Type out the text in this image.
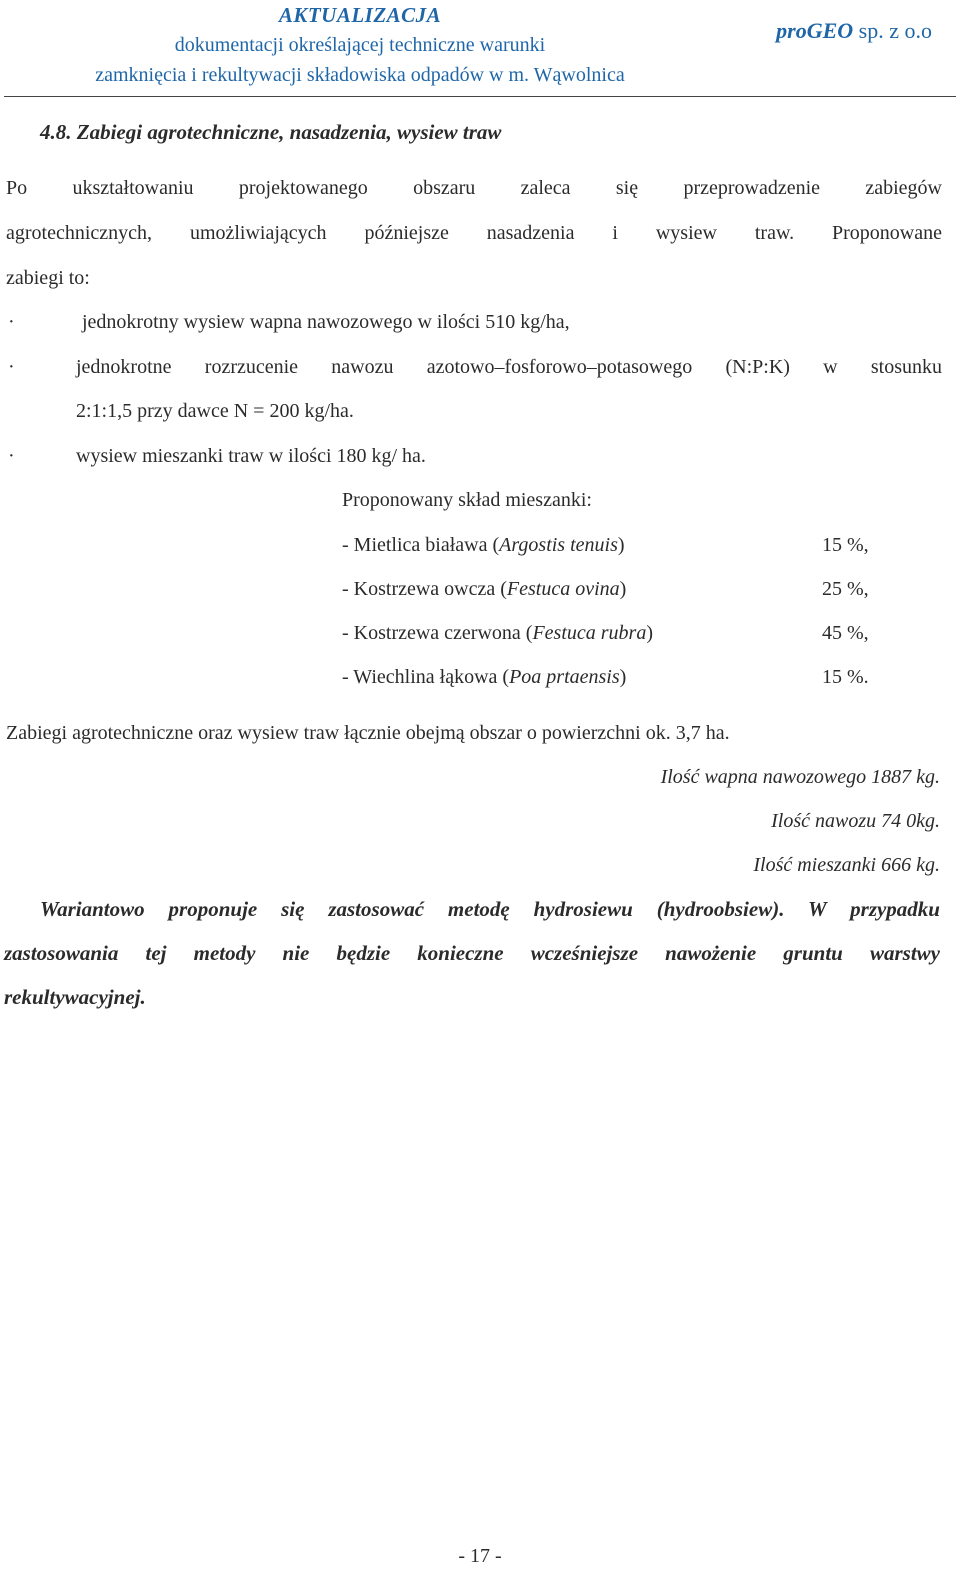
AKTUALIZACJA
dokumentacji określającej techniczne warunki
zamknięcia i rekultywacji składowiska odpadów w m. Wąwolnica
proGEO sp. z o.o
4.8. Zabiegi agrotechniczne, nasadzenia, wysiew traw
Po ukształtowaniu projektowanego obszaru zaleca się przeprowadzenie zabiegów
agrotechnicznych, umożliwiających późniejsze nasadzenia i wysiew traw. Proponowane
zabiegi to:
·	jednokrotny wysiew wapna nawozowego w ilości 510 kg/ha,
·	jednokrotne rozrzucenie nawozu azotowo–fosforowo–potasowego (N:P:K) w stosunku
2:1:1,5 przy dawce N = 200 kg/ha.
·	wysiew mieszanki traw w ilości 180 kg/ ha.
Proponowany skład mieszanki:
- Mietlica biaława (Argostis tenuis)	15 %,
- Kostrzewa owcza (Festuca ovina)	25 %,
- Kostrzewa czerwona (Festuca rubra)	45 %,
- Wiechlina łąkowa (Poa prtaensis)	15 %.
Zabiegi agrotechniczne oraz wysiew traw łącznie obejmą obszar o powierzchni ok. 3,7 ha.
Ilość wapna nawozowego 1887 kg.
Ilość nawozu 74 0kg.
Ilość mieszanki 666 kg.
Wariantowo proponuje się zastosować metodę hydrosiewu (hydroobsiew). W przypadku
zastosowania tej metody nie będzie konieczne wcześniejsze nawożenie gruntu warstwy
rekultywacyjnej.
- 17 -
